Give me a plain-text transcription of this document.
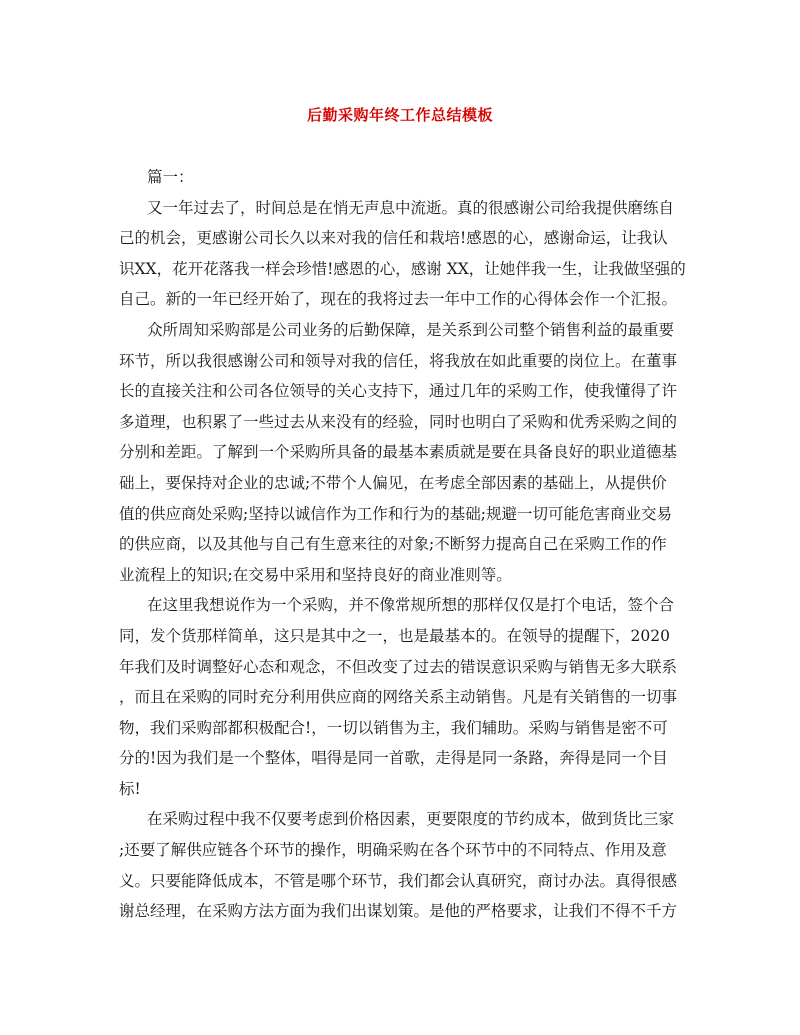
后勤采购年终工作总结模板

篇一：

又一年过去了，时间总是在悄无声息中流逝。真的很感谢公司给我提供磨练自

己的机会，更感谢公司长久以来对我的信任和栽培!感恩的心，感谢命运，让我认

识XX，花开花落我一样会珍惜!感恩的心，感谢 XX，让她伴我一生，让我做坚强的

自己。新的一年已经开始了，现在的我将过去一年中工作的心得体会作一个汇报。

众所周知采购部是公司业务的后勤保障，是关系到公司整个销售利益的最重要

环节，所以我很感谢公司和领导对我的信任，将我放在如此重要的岗位上。在董事

长的直接关注和公司各位领导的关心支持下，通过几年的采购工作，使我懂得了许

多道理，也积累了一些过去从来没有的经验，同时也明白了采购和优秀采购之间的

分别和差距。了解到一个采购所具备的最基本素质就是要在具备良好的职业道德基

础上，要保持对企业的忠诚;不带个人偏见，在考虑全部因素的基础上，从提供价

值的供应商处采购;坚持以诚信作为工作和行为的基础;规避一切可能危害商业交易

的供应商，以及其他与自己有生意来往的对象;不断努力提高自己在采购工作的作

业流程上的知识;在交易中采用和坚持良好的商业准则等。

在这里我想说作为一个采购，并不像常规所想的那样仅仅是打个电话，签个合

同，发个货那样简单，这只是其中之一，也是最基本的。在领导的提醒下，2020

年我们及时调整好心态和观念，不但改变了过去的错误意识采购与销售无多大联系

，而且在采购的同时充分利用供应商的网络关系主动销售。凡是有关销售的一切事

物，我们采购部都积极配合!，一切以销售为主，我们辅助。采购与销售是密不可

分的!因为我们是一个整体，唱得是同一首歌，走得是同一条路，奔得是同一个目

标!

在采购过程中我不仅要考虑到价格因素，更要限度的节约成本，做到货比三家

;还要了解供应链各个环节的操作，明确采购在各个环节中的不同特点、作用及意

义。只要能降低成本，不管是哪个环节，我们都会认真研究，商讨办法。真得很感

谢总经理，在采购方法方面为我们出谋划策。是他的严格要求，让我们不得不千方
